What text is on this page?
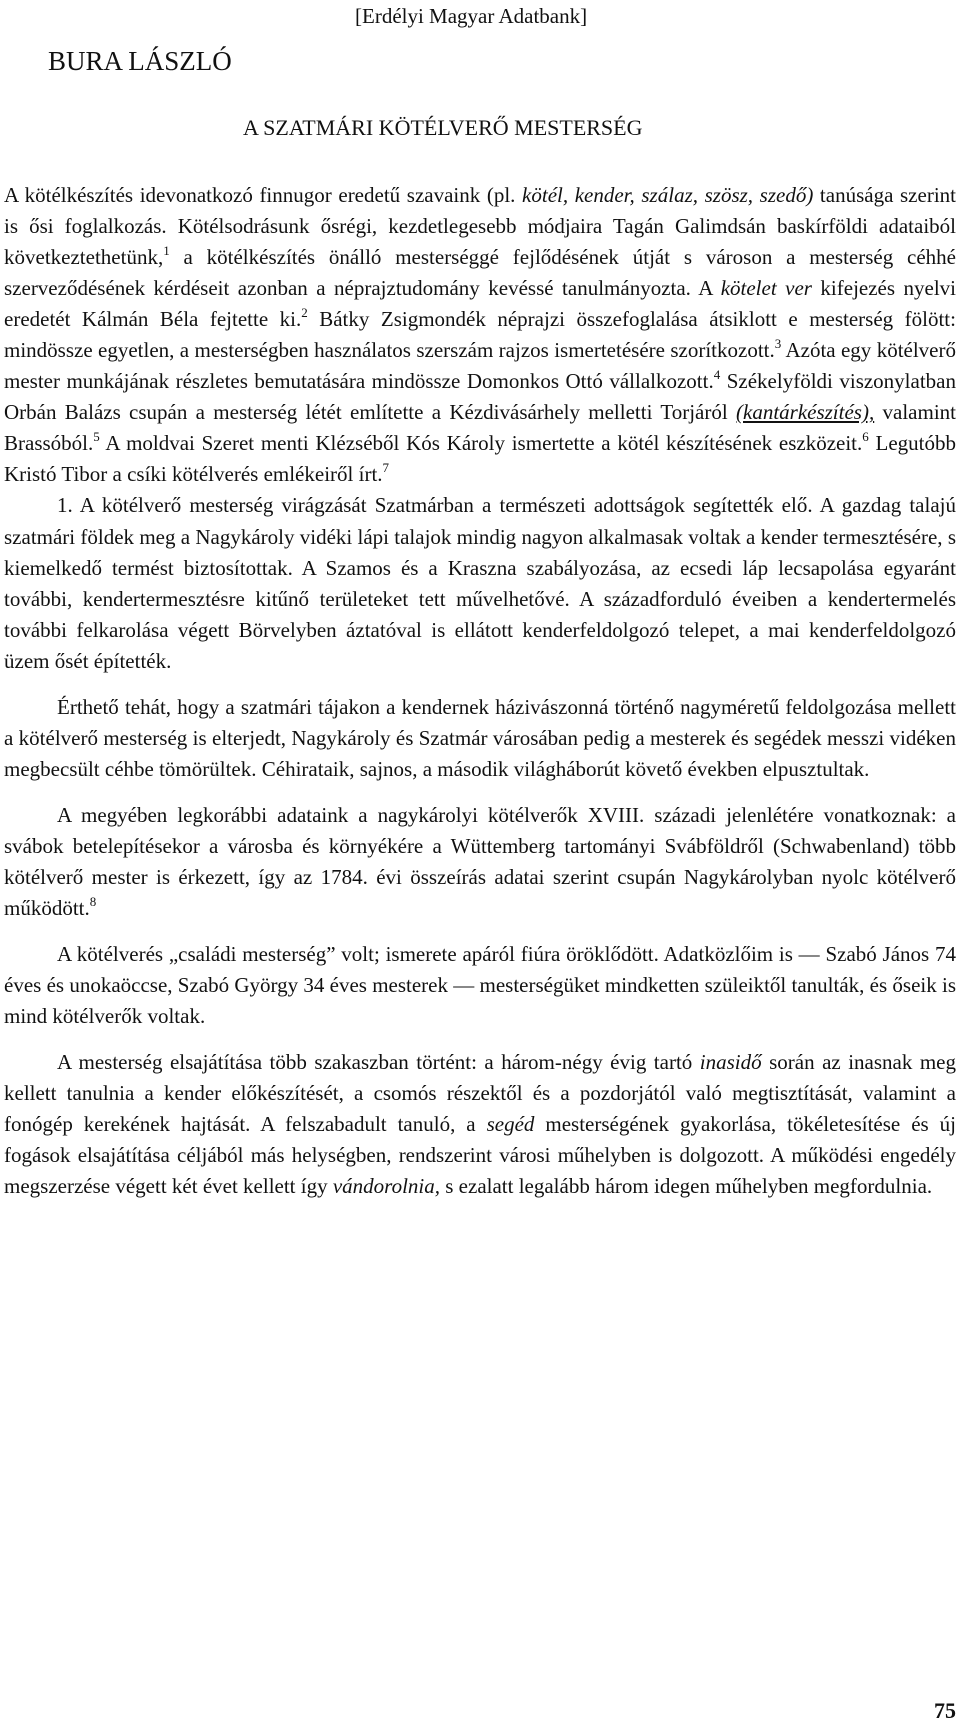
[Erdélyi Magyar Adatbank]
BURA LÁSZLÓ
A SZATMÁRI KÖTÉLVERŐ MESTERSÉG

A kötélkészítés idevonatkozó finnugor eredetű szavaink (pl. kötél, kender, szálaz, szösz, szedő) tanúsága szerint is ősi foglalkozás. Kötélsodrásunk ősrégi, kezdetlegesebb módjaira Tagán Galimdsán baskírföldi adataiból következtethetünk,$^1$ a kötélkészítés önálló mesterséggé fejlődésének útját s városon a mesterség céhhé szerveződésének kérdéseit azonban a néprajztudomány kevéssé tanulmányozta. A kötelet ver kifejezés nyelvi eredetét Kálmán Béla fejtette ki.$^2$ Bátky Zsigmondék néprajzi összefoglalása átsiklott e mesterség fölött: mindössze egyetlen, a mesterségben használatos szerszám rajzos ismertetésére szorítkozott.$^3$ Azóta egy kötélverő mester munkájának részletes bemutatására mindössze Domonkos Ottó vállalkozott.$^4$ Székelyföldi viszonylatban Orbán Balázs csupán a mesterség létét említette a Kézdivásárhely melletti Torjáról (kantárkészítés), valamint Brassóból.$^5$ A moldvai Szeret menti Klézséből Kós Károly ismertette a kötél készítésének eszközeit.$^6$ Legutóbb Kristó Tibor a csíki kötélverés emlékeiről írt.$^7$

1. A kötélverő mesterség virágzását Szatmárban a természeti adottságok segítették elő. A gazdag talajú szatmári földek meg a Nagykároly vidéki lápi talajok mindig nagyon alkalmasak voltak a kender termesztésére, s kiemelkedő termést biztosítottak. A Szamos és a Kraszna szabályozása, az ecsedi láp lecsapolása egyaránt további, kendertermesztésre kitűnő területeket tett művelhetővé. A századforduló éveiben a kendertermelés további felkarolása végett Börvelyben áztatóval is ellátott kenderfeldolgozó telepet, a mai kenderfeldolgozó üzem ősét építették.

Érthető tehát, hogy a szatmári tájakon a kendernek házivászonná történő nagyméretű feldolgozása mellett a kötélverő mesterség is elterjedt, Nagykároly és Szatmár városában pedig a mesterek és segédek messzi vidéken megbecsült céhbe tömörültek. Céhirataik, sajnos, a második világháborút követő években elpusztultak.

A megyében legkorábbi adataink a nagykárolyi kötélverők XVIII. századi jelenlétére vonatkoznak: a svábok betelepítésekor a városba és környékére a Wüttemberg tartományi Svábföldről (Schwabenland) több kötélverő mester is érkezett, így az 1784. évi összeírás adatai szerint csupán Nagykárolyban nyolc kötélverő működött.$^8$

A kötélverés „családi mesterség” volt; ismerete apáról fiúra öröklődött. Adatközlőim is — Szabó János 74 éves és unokaöccse, Szabó György 34 éves mesterek — mesterségüket mindketten szüleiktől tanulták, és őseik is mind kötélverők voltak.

A mesterség elsajátítása több szakaszban történt: a három-négy évig tartó inasidő során az inasnak meg kellett tanulnia a kender előkészítését, a csomós részektől és a pozdorjától való megtisztítását, valamint a fonógép kerekének hajtását. A felszabadult tanuló, a segéd mesterségének gyakorlása, tökéletesítése és új fogások elsajátítása céljából más helységben, rendszerint városi műhelyben is dolgozott. A működési engedély megszerzése végett két évet kellett így vándorolnia, s ezalatt legalább három idegen műhelyben megfordulnia.

75
